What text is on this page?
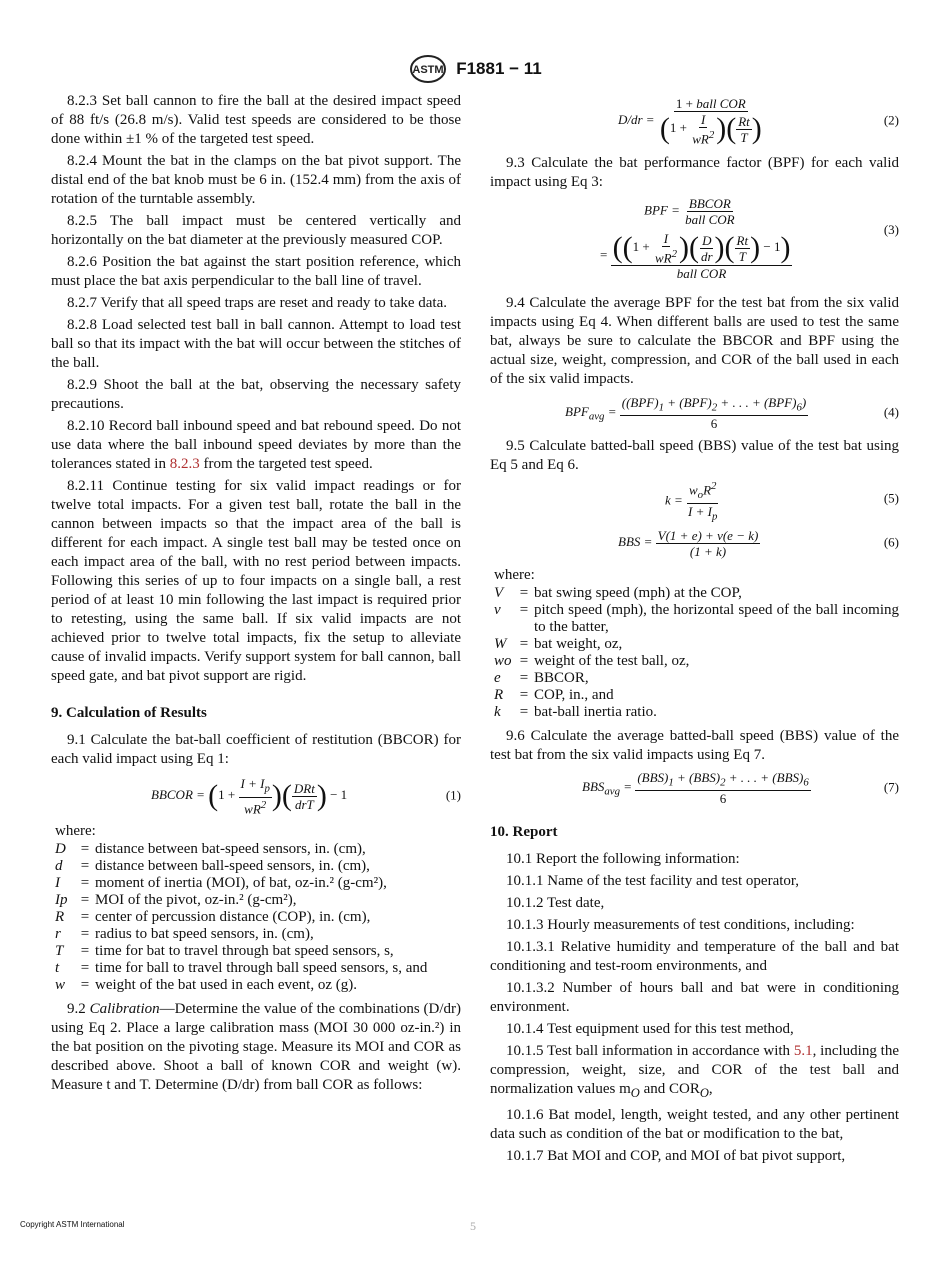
ASTM F1881 − 11

8.2.3 Set ball cannon to fire the ball at the desired impact speed of 88 ft/s (26.8 m/s). Valid test speeds are considered to be those done within ±1 % of the targeted test speed.

8.2.4 Mount the bat in the clamps on the bat pivot support. The distal end of the bat knob must be 6 in. (152.4 mm) from the axis of rotation of the turntable assembly.

8.2.5 The ball impact must be centered vertically and horizontally on the bat diameter at the previously measured COP.

8.2.6 Position the bat against the start position reference, which must place the bat axis perpendicular to the ball line of travel.

8.2.7 Verify that all speed traps are reset and ready to take data.

8.2.8 Load selected test ball in ball cannon. Attempt to load test ball so that its impact with the bat will occur between the stitches of the ball.

8.2.9 Shoot the ball at the bat, observing the necessary safety precautions.

8.2.10 Record ball inbound speed and bat rebound speed. Do not use data where the ball inbound speed deviates by more than the tolerances stated in 8.2.3 from the targeted test speed.

8.2.11 Continue testing for six valid impact readings or for twelve total impacts. For a given test ball, rotate the ball in the cannon between impacts so that the impact area of the ball is different for each impact. A single test ball may be tested once on each impact area of the ball, with no rest period between impacts. Following this series of up to four impacts on a single ball, a rest period of at least 10 min following the last impact is required prior to retesting, using the same ball. If six valid impacts are not achieved prior to twelve total impacts, fix the setup to alleviate cause of invalid impacts. Verify support system for ball cannon, ball speed gate, and bat pivot support are rigid.

9. Calculation of Results

9.1 Calculate the bat-ball coefficient of restitution (BBCOR) for each valid impact using Eq 1:

BBCOR = ($1 + \frac{I + I_p}{wR^2}$ )( $\frac{\text{DRt}}{\text{drT}}$ ) − 1	(1)
where:
D = distance between bat-speed sensors, in. (cm),
d	= distance between ball-speed sensors, in. (cm),
I	= moment of inertia (MOI), of bat, oz-in.² (g-cm²),
Ip = MOI of the pivot, oz-in.² (g-cm²),
R	= center of percussion distance (COP), in. (cm),
r	= radius to bat speed sensors, in. (cm),
T	= time for bat to travel through bat speed sensors, s,
t	= time for ball to travel through ball speed sensors, s, and
w	= weight of the bat used in each event, oz (g).

9.2 Calibration—Determine the value of the combinations (D/dr) using Eq 2. Place a large calibration mass (MOI 30 000 oz-in.²) in the bat position on the pivoting stage. Measure its MOI and COR as described above. Shoot a ball of known COR and weight (w). Measure t and T. Determine (D/dr) from ball COR as follows:

$D/dr = \frac{\text{1 + ball COR}}{(1 + \frac{I}{wR^2} )( \frac{Rt}{T} )}$	(2)

9.3 Calculate the bat performance factor (BPF) for each valid impact using Eq 3:

BPF = $\frac{\text{BBCOR}}{\text{ball COR}}$
= $\frac{((1 + \frac{I}{wR^2} )( \frac{D}{dr} )( \frac{Rt}{T} ) - 1)}{\text{ball COR}}$
(3)

9.4 Calculate the average BPF for the test bat from the six valid impacts using Eq 4. When different balls are used to test the same bat, always be sure to calculate the BBCOR and BPF using the actual size, weight, compression, and COR of the ball used in each of the six valid impacts.

$BPF_{avg} = \frac{((BPF)_1 + (BPF)_2 + . . . + (BPF)_6)}{6}$	(4)

9.5 Calculate batted-ball speed (BBS) value of the test bat using Eq 5 and Eq 6.

$k = \frac{w_oR^2}{I + I_p}$	(5)
BBS = $\frac{V(1 + e) + v(e - k)}{(1 + k)}$	(6)
where:
V	= bat swing speed (mph) at the COP,
v	= pitch speed (mph), the horizontal speed of the ball incoming to the batter,
W = bat weight, oz,
wo = weight of the test ball, oz,
e	= BBCOR,
R	= COP, in., and
k	= bat-ball inertia ratio.

9.6 Calculate the average batted-ball speed (BBS) value of the test bat from the six valid impacts using Eq 7.

$BBS_{avg} = \frac{(BBS)_1 + (BBS)_2 + . . . + (BBS)_6}{6}$	(7)
10. Report

10.1 Report the following information:

10.1.1 Name of the test facility and test operator,

10.1.2 Test date,

10.1.3 Hourly measurements of test conditions, including:

10.1.3.1 Relative humidity and temperature of the ball and bat conditioning and test-room environments, and

10.1.3.2 Number of hours ball and bat were in conditioning environment.

10.1.4 Test equipment used for this test method,

10.1.5 Test ball information in accordance with 5.1, including the compression, weight, size, and COR of the test ball and normalization values $m_O$ and $COR_O$,

10.1.6 Bat model, length, weight tested, and any other pertinent data such as condition of the bat or modification to the bat,

10.1.7 Bat MOI and COP, and MOI of bat pivot support,

Copyright ASTM International	5
